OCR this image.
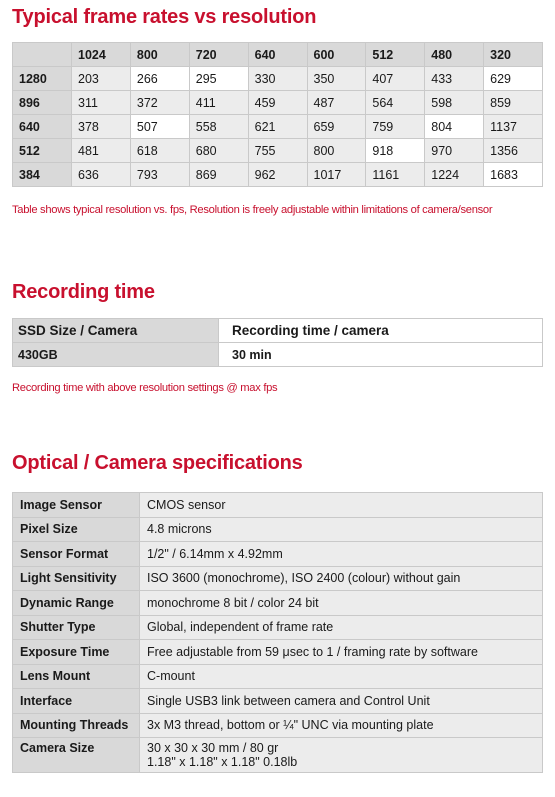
Typical frame rates vs resolution
	1024	800	720	640	600	512	480	320
1280	203	266	295	330	350	407	433	629
896	311	372	411	459	487	564	598	859
640	378	507	558	621	659	759	804	1137
512	481	618	680	755	800	918	970	1356
384	636	793	869	962	1017	1161	1224	1683

Table shows typical resolution vs. fps, Resolution is freely adjustable within limitations of camera/sensor

Recording time
SSD Size / Camera	Recording time / camera
430GB	30 min

Recording time with above resolution settings @ max fps

Optical / Camera specifications
Image Sensor	CMOS sensor
Pixel Size	4.8 microns
Sensor Format	1/2" / 6.14mm x 4.92mm
Light Sensitivity	ISO 3600 (monochrome), ISO 2400 (colour) without gain
Dynamic Range	monochrome 8 bit / color 24 bit
Shutter Type	Global, independent of frame rate
Exposure Time	Free adjustable from 59 μsec to 1 / framing rate by software
Lens Mount	C-mount
Interface	Single USB3 link between camera and Control Unit
Mounting Threads	3x M3 thread, bottom or ¼" UNC via mounting plate
Camera Size	30 x 30 x 30 mm / 80 gr
1.18" x 1.18" x 1.18" 0.18lb
